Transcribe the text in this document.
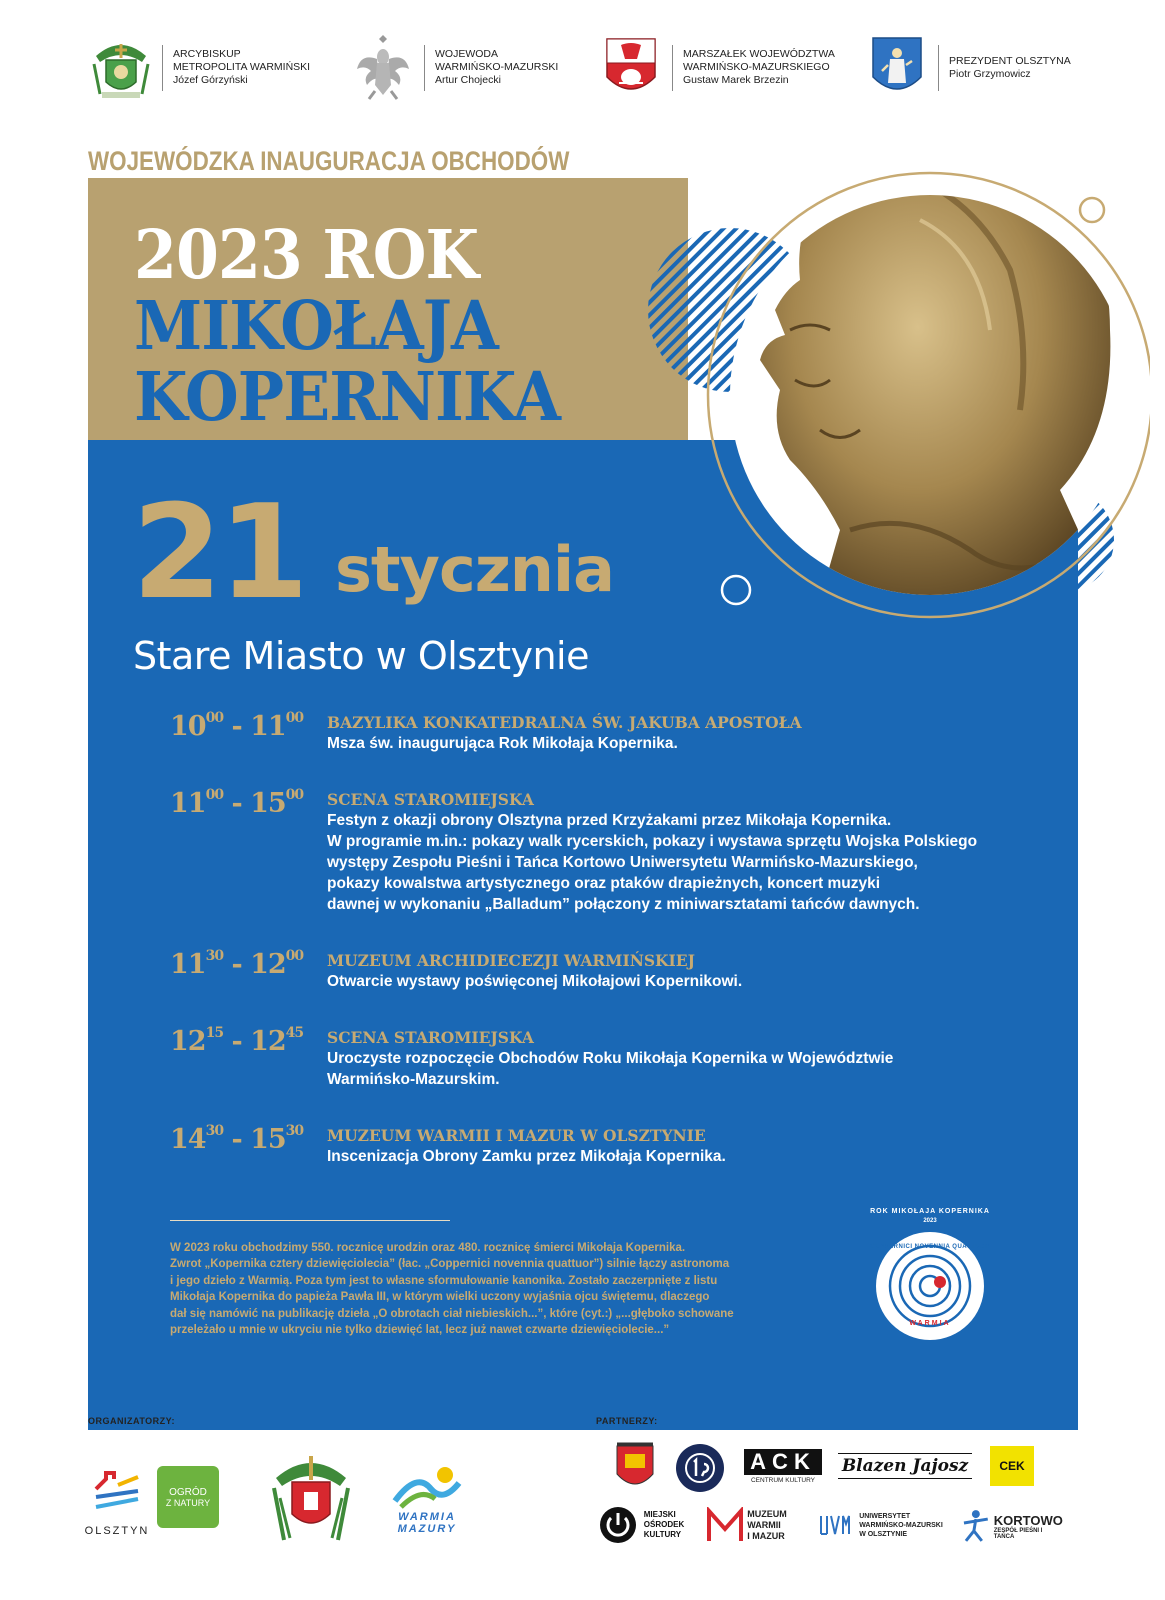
ARCYBISKUP
METROPOLITA WARMIŃSKI
Józef Górzyński
WOJEWODA
WARMIŃSKO-MAZURSKI
Artur Chojecki
MARSZAŁEK WOJEWÓDZTWA
WARMIŃSKO-MAZURSKIEGO
Gustaw Marek Brzezin
PREZYDENT OLSZTYNA
Piotr Grzymowicz
WOJEWÓDZKA INAUGURACJA OBCHODÓW
2023 ROK
MIKOŁAJA
KOPERNIKA
21 stycznia
Stare Miasto w Olsztynie
$10^{00} - 11^{00}$ BAZYLIKA KONKATEDRALNA ŚW. JAKUBA APOSTOŁA
Msza św. inaugurująca Rok Mikołaja Kopernika.
$11^{00} - 15^{00}$ SCENA STAROMIEJSKA
Festyn z okazji obrony Olsztyna przed Krzyżakami przez Mikołaja Kopernika.
W programie m.in.: pokazy walk rycerskich, pokazy i wystawa sprzętu Wojska Polskiego
występy Zespołu Pieśni i Tańca Kortowo Uniwersytetu Warmińsko-Mazurskiego,
pokazy kowalstwa artystycznego oraz ptaków drapieżnych, koncert muzyki
dawnej w wykonaniu „Balladum” połączony z miniwarsztatami tańców dawnych.
$11^{30} - 12^{00}$ MUZEUM ARCHIDIECEZJI WARMIŃSKIEJ
Otwarcie wystawy poświęconej Mikołajowi Kopernikowi.
$12^{15} - 12^{45}$ SCENA STAROMIEJSKA
Uroczyste rozpoczęcie Obchodów Roku Mikołaja Kopernika w Województwie
Warmińsko-Mazurskim.
$14^{30} - 15^{30}$ MUZEUM WARMII I MAZUR W OLSZTYNIE
Inscenizacja Obrony Zamku przez Mikołaja Kopernika.

W 2023 roku obchodzimy 550. rocznicę urodzin oraz 480. rocznicę śmierci Mikołaja Kopernika.

Zwrot „Kopernika cztery dziewięciolecia” (łac. „Coppernici novennia quattuor”) silnie łączy astronoma

i jego dzieło z Warmią. Poza tym jest to własne sformułowanie kanonika. Zostało zaczerpnięte z listu

Mikołaja Kopernika do papieża Pawła III, w którym wielki uczony wyjaśnia ojcu świętemu, dlaczego

dał się namówić na publikację dzieła „O obrotach ciał niebieskich...”, które (cyt.:) „...głęboko schowane

przeleżało u mnie w ukryciu nie tylko dziewięć lat, lecz już nawet czwarte dziewięciolecie...”

ROK MIKOŁAJA KOPERNIKA
2023
COPPERNICI NOVENNIA QUATTUOR
WARMIA
ORGANIZATORZY:	PARTNERZY:
OLSZTYN
OGRÓD
Z NATURY
WARMIA
MAZURY
ACK
CENTRUM KULTURY
Blazen Jajosz	CEK
MIEJSKI
OŚRODEK
KULTURY
MUZEUM
WARMII
I MAZUR
UNIWERSYTET
WARMIŃSKO-MAZURSKI
W OLSZTYNIE
KORTOWO
ZESPÓŁ PIEŚNI I TAŃCA
